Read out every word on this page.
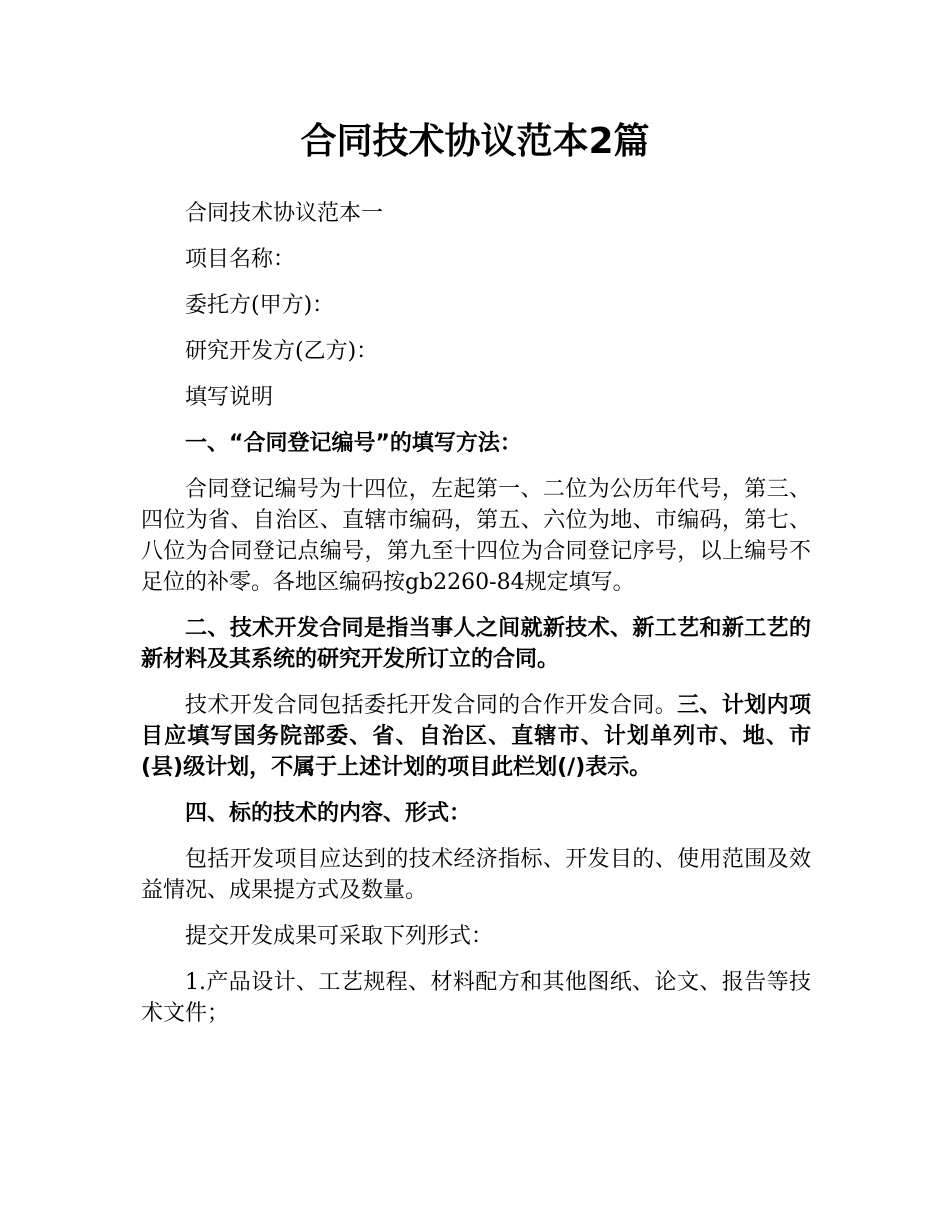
合同技术协议范本2篇

合同技术协议范本一

项目名称：

委托方(甲方)：

研究开发方(乙方)：

填写说明

一、“合同登记编号”的填写方法：

合同登记编号为十四位，左起第一、二位为公历年代号，第三、四位为省、自治区、直辖市编码，第五、六位为地、市编码，第七、八位为合同登记点编号，第九至十四位为合同登记序号，以上编号不足位的补零。各地区编码按gb2260-84规定填写。

二、技术开发合同是指当事人之间就新技术、新工艺和新工艺的新材料及其系统的研究开发所订立的合同。

技术开发合同包括委托开发合同的合作开发合同。三、计划内项目应填写国务院部委、省、自治区、直辖市、计划单列市、地、市(县)级计划，不属于上述计划的项目此栏划(/)表示。

四、标的技术的内容、形式：

包括开发项目应达到的技术经济指标、开发目的、使用范围及效益情况、成果提方式及数量。

提交开发成果可采取下列形式：

1.产品设计、工艺规程、材料配方和其他图纸、论文、报告等技术文件；
